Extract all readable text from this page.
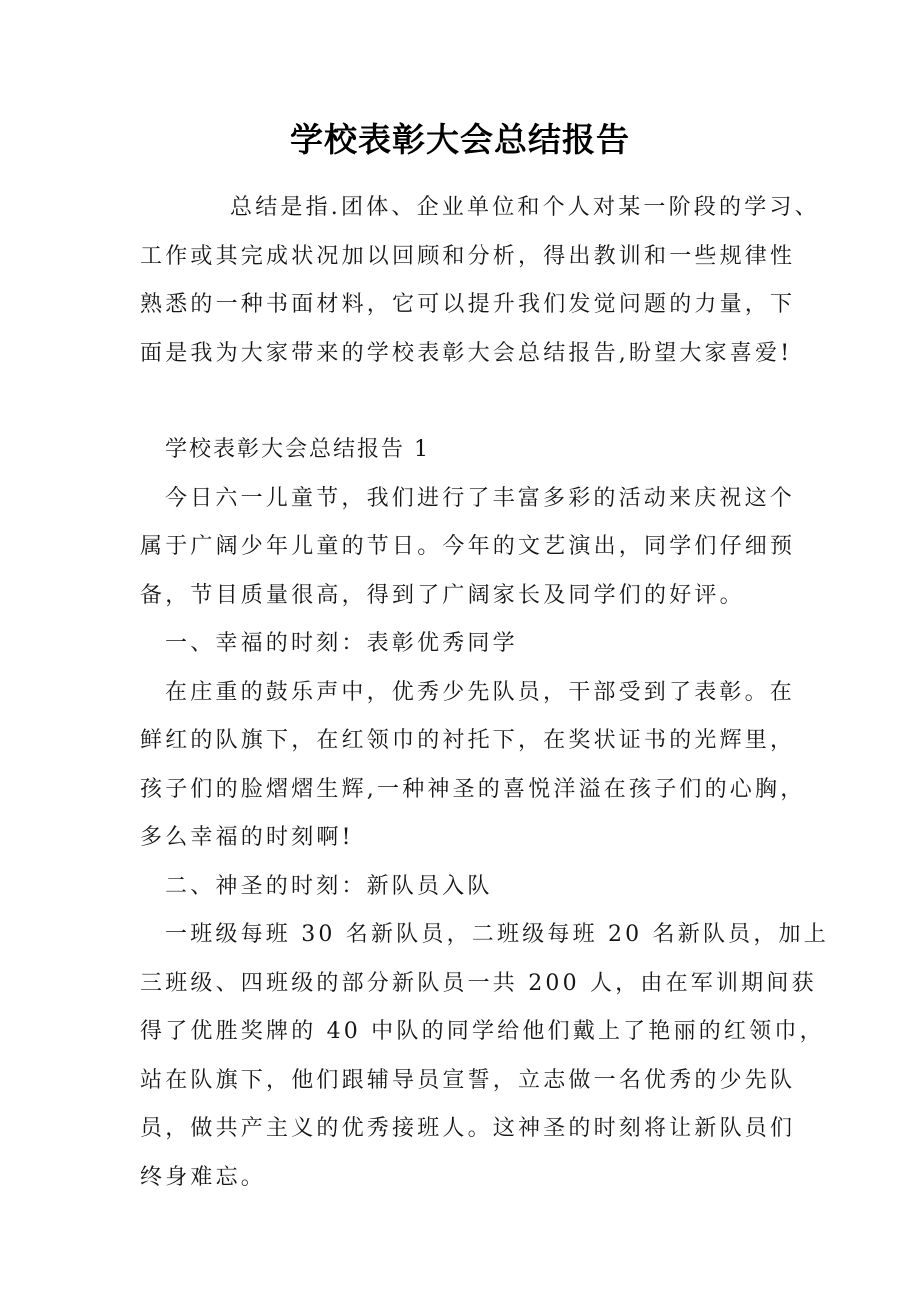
学校表彰大会总结报告
总结是指.团体、企业单位和个人对某一阶段的学习、
工作或其完成状况加以回顾和分析，得出教训和一些规律性
熟悉的一种书面材料，它可以提升我们发觉问题的力量，下
面是我为大家带来的学校表彰大会总结报告,盼望大家喜爱!
学校表彰大会总结报告 1
今日六一儿童节，我们进行了丰富多彩的活动来庆祝这个
属于广阔少年儿童的节日。今年的文艺演出，同学们仔细预
备，节目质量很高，得到了广阔家长及同学们的好评。
一、幸福的时刻：表彰优秀同学
在庄重的鼓乐声中，优秀少先队员，干部受到了表彰。在
鲜红的队旗下，在红领巾的衬托下，在奖状证书的光辉里，
孩子们的脸熠熠生辉,一种神圣的喜悦洋溢在孩子们的心胸，
多么幸福的时刻啊!
二、神圣的时刻：新队员入队
一班级每班 30 名新队员，二班级每班 20 名新队员，加上
三班级、四班级的部分新队员一共 200 人，由在军训期间获
得了优胜奖牌的 40 中队的同学给他们戴上了艳丽的红领巾，
站在队旗下，他们跟辅导员宣誓，立志做一名优秀的少先队
员，做共产主义的优秀接班人。这神圣的时刻将让新队员们
终身难忘。
